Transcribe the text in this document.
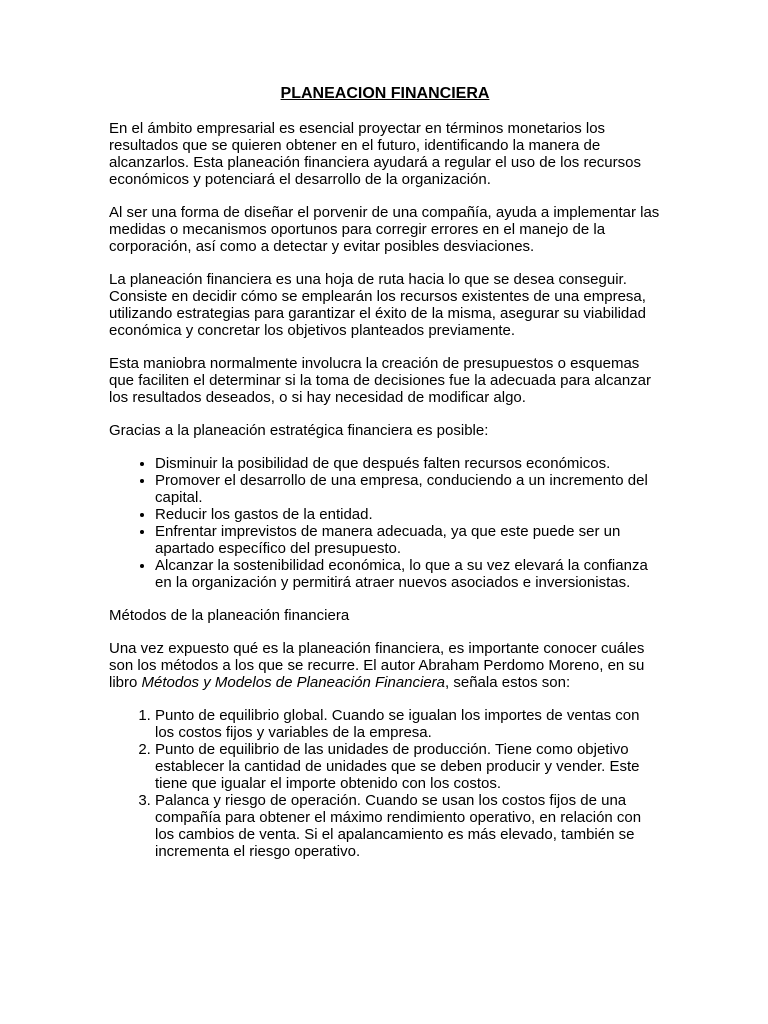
PLANEACION FINANCIERA

En el ámbito empresarial es esencial proyectar en términos monetarios los resultados que se quieren obtener en el futuro, identificando la manera de alcanzarlos. Esta planeación financiera ayudará a regular el uso de los recursos económicos y potenciará el desarrollo de la organización.

Al ser una forma de diseñar el porvenir de una compañía, ayuda a implementar las medidas o mecanismos oportunos para corregir errores en el manejo de la corporación, así como a detectar y evitar posibles desviaciones.

La planeación financiera es una hoja de ruta hacia lo que se desea conseguir. Consiste en decidir cómo se emplearán los recursos existentes de una empresa, utilizando estrategias para garantizar el éxito de la misma, asegurar su viabilidad económica y concretar los objetivos planteados previamente.

Esta maniobra normalmente involucra la creación de presupuestos o esquemas que faciliten el determinar si la toma de decisiones fue la adecuada para alcanzar los resultados deseados, o si hay necesidad de modificar algo.

Gracias a la planeación estratégica financiera es posible:

• Disminuir la posibilidad de que después falten recursos económicos.
• Promover el desarrollo de una empresa, conduciendo a un incremento del capital.
• Reducir los gastos de la entidad.
• Enfrentar imprevistos de manera adecuada, ya que este puede ser un apartado específico del presupuesto.
• Alcanzar la sostenibilidad económica, lo que a su vez elevará la confianza en la organización y permitirá atraer nuevos asociados e inversionistas.

Métodos de la planeación financiera

Una vez expuesto qué es la planeación financiera, es importante conocer cuáles son los métodos a los que se recurre. El autor Abraham Perdomo Moreno, en su libro Métodos y Modelos de Planeación Financiera, señala estos son:

1. Punto de equilibrio global. Cuando se igualan los importes de ventas con los costos fijos y variables de la empresa.
2. Punto de equilibrio de las unidades de producción. Tiene como objetivo establecer la cantidad de unidades que se deben producir y vender. Este tiene que igualar el importe obtenido con los costos.
3. Palanca y riesgo de operación. Cuando se usan los costos fijos de una compañía para obtener el máximo rendimiento operativo, en relación con los cambios de venta. Si el apalancamiento es más elevado, también se incrementa el riesgo operativo.
